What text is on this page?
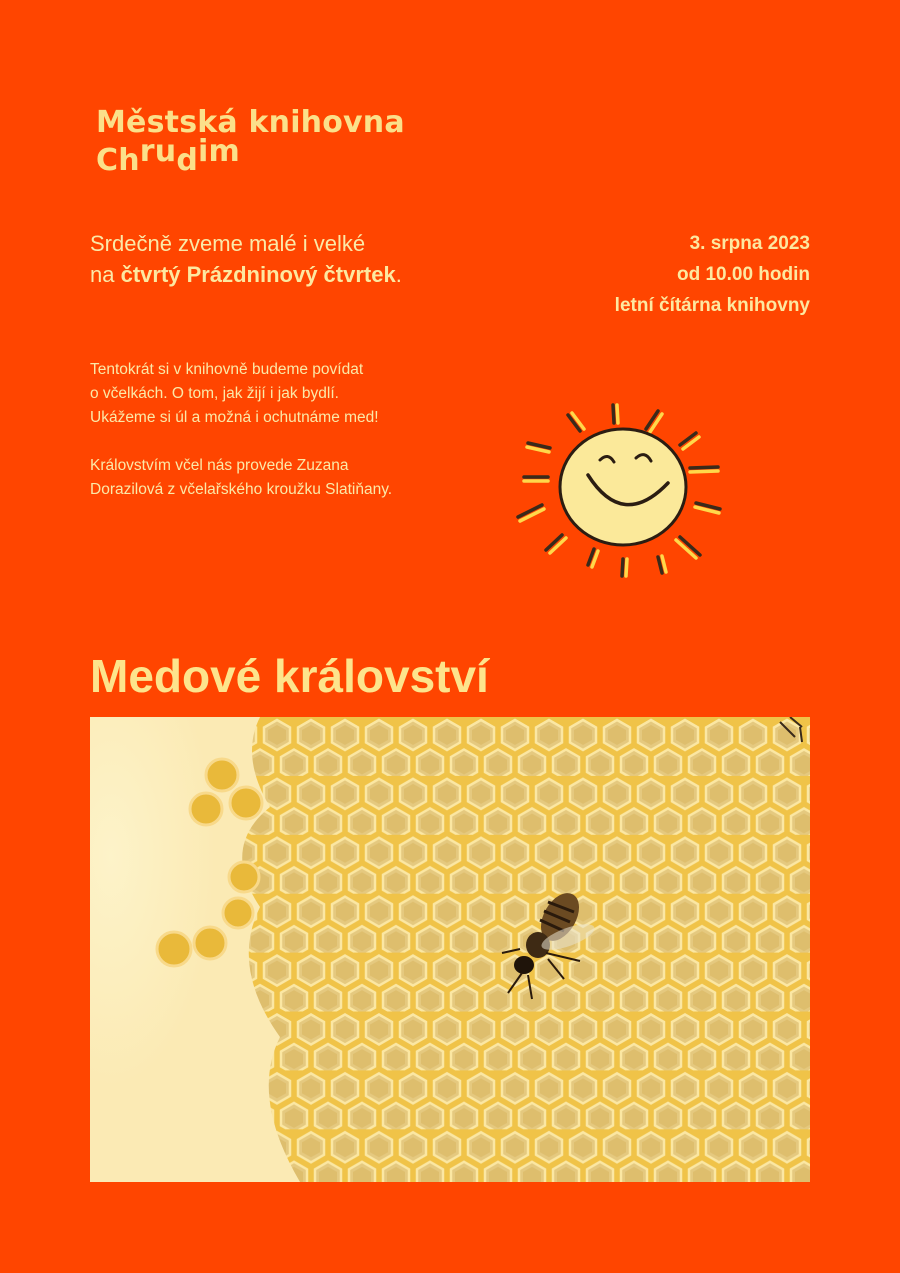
Městská knihovna
Chrudim
Srdečně zveme malé i velké
na čtvrtý Prázdninový čtvrtek.

Tentokrát si v knihovně budeme povídat
o včelkách. O tom, jak žijí i jak bydlí.
Ukážeme si úl a možná i ochutnáme med!

Královstvím včel nás provede Zuzana
Dorazilová z včelařského kroužku Slatiňany.

3. srpna 2023
od 10.00 hodin
letní čítárna knihovny
Medové království
